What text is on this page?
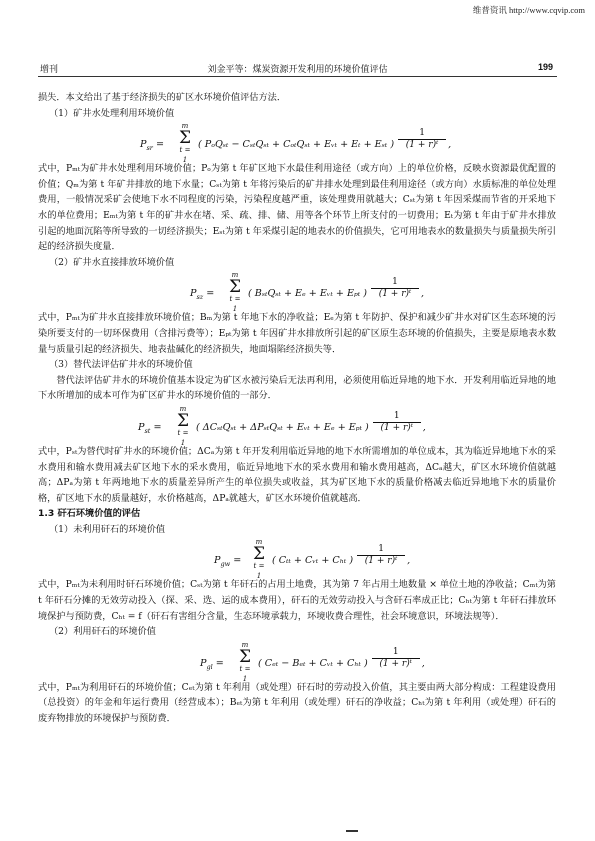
维普资讯 http://www.cqvip.com
增刊	刘金平等：煤炭资源开发利用的环境价值评估	199

损失．本文给出了基于经济损失的矿区水环境价值评估方法．

（1）矿井水处理利用环境价值

$P_{sr}$ =
m
Σ
t = 1
( PₒQₛₜ − CₛₜQₛₜ + CₒₜQₛₜ + Eᵥₜ + Eₜ + Eₛₜ )
1
(1 + r)ᵗ	,

式中，Pₘₜ为矿井水处理利用环境价值；Pₒ为第 t 年矿区地下水最佳利用途径（或方向）上的单位价格，反映水资源最优配置的价值；Qₘ为第 t 年矿井排放的地下水量；Cₛₜ为第 t 年将污染后的矿井排水处理到最佳利用途径（或方向）水质标准的单位处理费用，一般情况采矿会使地下水不同程度的污染，污染程度越严重，该处理费用就越大；Cₛₜ为第 t 年因采煤而节省的开采地下水的单位费用；Eₘₜ为第 t 年的矿井水在堵、采、疏、排、储、用等各个环节上所支付的一切费用；Eₜ为第 t 年由于矿井水排放引起的地面沉陷等所导致的一切经济损失；Eₛₜ为第 t 年采煤引起的地表水的价值损失，它可用地表水的数量损失与质量损失所引起的经济损失度量．

（2）矿井水直接排放环境价值

$P_{sz}$ =
m
Σ
t = 1
( BₛₜQₛₜ + Eₑ + Eᵥₜ + Eₚₜ )
1
(1 + r)ᵗ	,

式中，Pₘₜ为矿井水直接排放环境价值；Bₘ为第 t 年地下水的净收益；Eₑ为第 t 年防护、保护和减少矿井水对矿区生态环境的污染所要支付的一切环保费用（含排污费等）；Eₚₜ为第 t 年因矿井水排放所引起的矿区原生态环境的价值损失，主要是原地表水数量与质量引起的经济损失、地表盐碱化的经济损失，地面塌陷经济损失等．

（3）替代法评估矿井水的环境价值

替代法评估矿井水的环境价值基本设定为矿区水被污染后无法再利用，必须使用临近异地的地下水．开发利用临近异地的地下水所增加的成本可作为矿区矿井水的环境价值的一部分．

$P_{st}$ =
m
Σ
t = 1
( ΔCₛₜQₛₜ + ΔPₛₜQₛₜ + Eᵥₜ + Eₑ + Eₚₜ )
1
(1 + r)ᵗ	,

式中，Pₛₜ为替代时矿井水的环境价值；ΔCₐ为第 t 年开发利用临近异地的地下水所需增加的单位成本，其为临近异地地下水的采水费用和输水费用减去矿区地下水的采水费用，临近异地地下水的采水费用和输水费用越高，ΔCₐ越大，矿区水环境价值就越高；ΔPₐ为第 t 年两地地下水的质量差异所产生的单位损失或收益，其为矿区地下水的质量价格减去临近异地地下水的质量价格，矿区地下水的质量越好，水价格越高，ΔPₐ就越大，矿区水环境价值就越高．

1.3 矸石环境价值的评估

（1）未利用矸石的环境价值

$P_{gw}$ =
m
Σ
t = 1
( Cₜₜ + Cᵥₜ + Cₕₜ )
1
(1 + r)ᵗ	,

式中，Pₘₜ为未利用时矸石环境价值；Cₛₜ为第 t 年矸石的占用土地费，其为第 7 年占用土地数量 × 单位土地的净收益；Cₘₜ为第 t 年矸石分摊的无效劳动投入（探、采、选、运的成本费用），矸石的无效劳动投入与含矸石率成正比；Cₕₜ为第 t 年矸石排放环境保护与预防费，Cₕₜ = f（矸石有害组分含量，生态环境承载力，环境收费合理性，社会环境意识，环境法规等）．

（2）利用矸石的环境价值

$P_{gl}$ =
m
Σ
t = 1
( Cₑₜ − Bₑₜ + Cᵥₜ + Cₕₜ )
1
(1 + r)ᵗ	,

式中，Pₘₜ为利用矸石的环境价值；Cₑₜ为第 t 年利用（或处理）矸石时的劳动投入价值，其主要由两大部分构成：工程建设费用（总投资）的年金和年运行费用（经营成本）；Bₑₜ为第 t 年利用（或处理）矸石的净收益；Cₕₜ为第 t 年利用（或处理）矸石的废弃物排放的环境保护与预防费．
